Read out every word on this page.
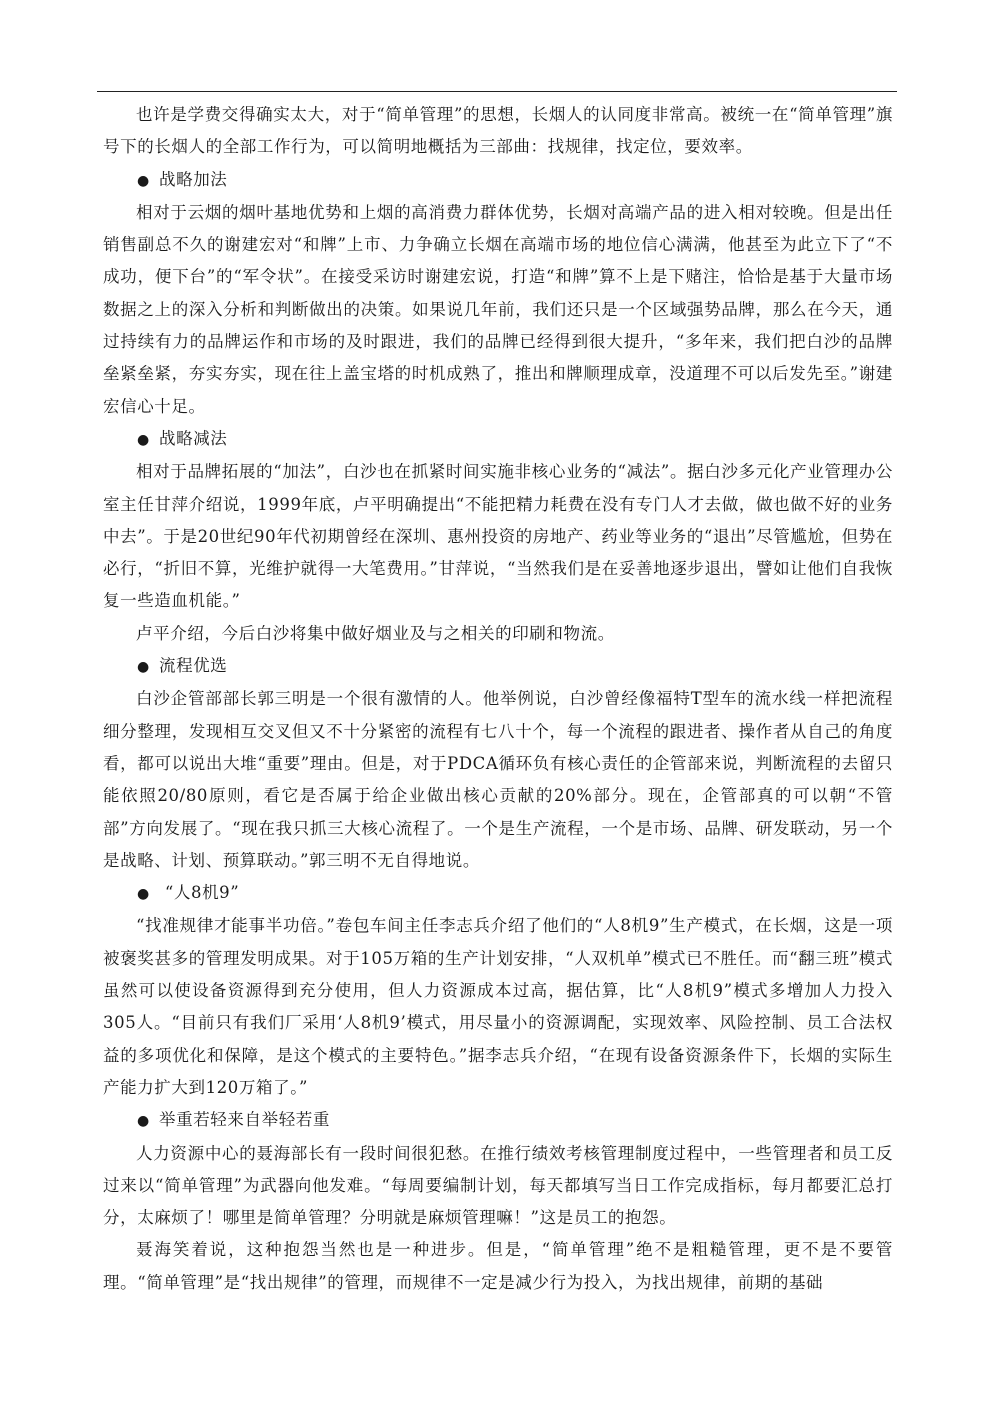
也许是学费交得确实太大，对于“简单管理”的思想，长烟人的认同度非常高。被统一在“简单管理”旗号下的长烟人的全部工作行为，可以简明地概括为三部曲：找规律，找定位，要效率。

● 战略加法

相对于云烟的烟叶基地优势和上烟的高消费力群体优势，长烟对高端产品的进入相对较晚。但是出任销售副总不久的谢建宏对“和牌”上市、力争确立长烟在高端市场的地位信心满满，他甚至为此立下了“不成功，便下台”的“军令状”。在接受采访时谢建宏说，打造“和牌”算不上是下赌注，恰恰是基于大量市场数据之上的深入分析和判断做出的决策。如果说几年前，我们还只是一个区域强势品牌，那么在今天，通过持续有力的品牌运作和市场的及时跟进，我们的品牌已经得到很大提升，“多年来，我们把白沙的品牌垒紧垒紧，夯实夯实，现在往上盖宝塔的时机成熟了，推出和牌顺理成章，没道理不可以后发先至。”谢建宏信心十足。

● 战略减法

相对于品牌拓展的“加法”，白沙也在抓紧时间实施非核心业务的“减法”。据白沙多元化产业管理办公室主任甘萍介绍说，1999年底，卢平明确提出“不能把精力耗费在没有专门人才去做，做也做不好的业务中去”。于是20世纪90年代初期曾经在深圳、惠州投资的房地产、药业等业务的“退出”尽管尴尬，但势在必行，“折旧不算，光维护就得一大笔费用。”甘萍说，“当然我们是在妥善地逐步退出，譬如让他们自我恢复一些造血机能。”

卢平介绍，今后白沙将集中做好烟业及与之相关的印刷和物流。

● 流程优选

白沙企管部部长郭三明是一个很有激情的人。他举例说，白沙曾经像福特T型车的流水线一样把流程细分整理，发现相互交叉但又不十分紧密的流程有七八十个，每一个流程的跟进者、操作者从自己的角度看，都可以说出大堆“重要”理由。但是，对于PDCA循环负有核心责任的企管部来说，判断流程的去留只能依照20/80原则，看它是否属于给企业做出核心贡献的20%部分。现在，企管部真的可以朝“不管部”方向发展了。“现在我只抓三大核心流程了。一个是生产流程，一个是市场、品牌、研发联动，另一个是战略、计划、预算联动。”郭三明不无自得地说。

● “人8机9”

“找准规律才能事半功倍。”卷包车间主任李志兵介绍了他们的“人8机9”生产模式，在长烟，这是一项被褒奖甚多的管理发明成果。对于105万箱的生产计划安排，“人双机单”模式已不胜任。而“翻三班”模式虽然可以使设备资源得到充分使用，但人力资源成本过高，据估算，比“人8机9”模式多增加人力投入305人。“目前只有我们厂采用‘人8机9’模式，用尽量小的资源调配，实现效率、风险控制、员工合法权益的多项优化和保障，是这个模式的主要特色。”据李志兵介绍，“在现有设备资源条件下，长烟的实际生产能力扩大到120万箱了。”

● 举重若轻来自举轻若重

人力资源中心的聂海部长有一段时间很犯愁。在推行绩效考核管理制度过程中，一些管理者和员工反过来以“简单管理”为武器向他发难。“每周要编制计划，每天都填写当日工作完成指标，每月都要汇总打分，太麻烦了！哪里是简单管理？分明就是麻烦管理嘛！”这是员工的抱怨。

聂海笑着说，这种抱怨当然也是一种进步。但是，“简单管理”绝不是粗糙管理，更不是不要管理。“简单管理”是“找出规律”的管理，而规律不一定是减少行为投入，为找出规律，前期的基础
